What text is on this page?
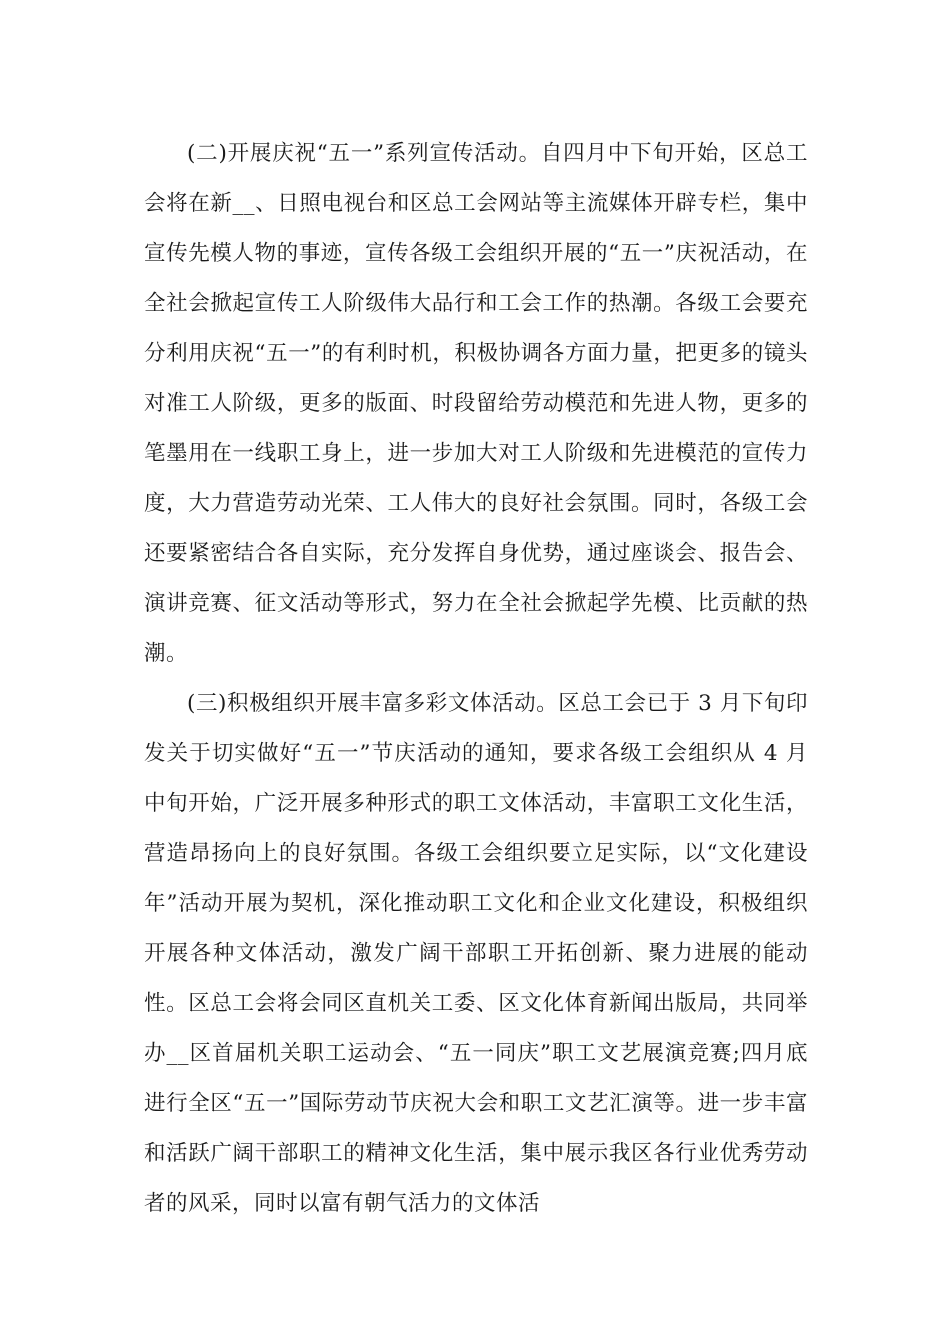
(二)开展庆祝“五一”系列宣传活动。自四月中下旬开始，区总工会将在新__、日照电视台和区总工会网站等主流媒体开辟专栏，集中宣传先模人物的事迹，宣传各级工会组织开展的“五一”庆祝活动，在全社会掀起宣传工人阶级伟大品行和工会工作的热潮。各级工会要充分利用庆祝“五一”的有利时机，积极协调各方面力量，把更多的镜头对准工人阶级，更多的版面、时段留给劳动模范和先进人物，更多的笔墨用在一线职工身上，进一步加大对工人阶级和先进模范的宣传力度，大力营造劳动光荣、工人伟大的良好社会氛围。同时，各级工会还要紧密结合各自实际，充分发挥自身优势，通过座谈会、报告会、演讲竞赛、征文活动等形式，努力在全社会掀起学先模、比贡献的热潮。

(三)积极组织开展丰富多彩文体活动。区总工会已于 3 月下旬印发关于切实做好“五一”节庆活动的通知，要求各级工会组织从 4 月中旬开始，广泛开展多种形式的职工文体活动，丰富职工文化生活，营造昂扬向上的良好氛围。各级工会组织要立足实际，以“文化建设年”活动开展为契机，深化推动职工文化和企业文化建设，积极组织开展各种文体活动，激发广阔干部职工开拓创新、聚力进展的能动性。区总工会将会同区直机关工委、区文化体育新闻出版局，共同举办__区首届机关职工运动会、“五一同庆”职工文艺展演竞赛;四月底进行全区“五一”国际劳动节庆祝大会和职工文艺汇演等。进一步丰富和活跃广阔干部职工的精神文化生活，集中展示我区各行业优秀劳动者的风采，同时以富有朝气活力的文体活
